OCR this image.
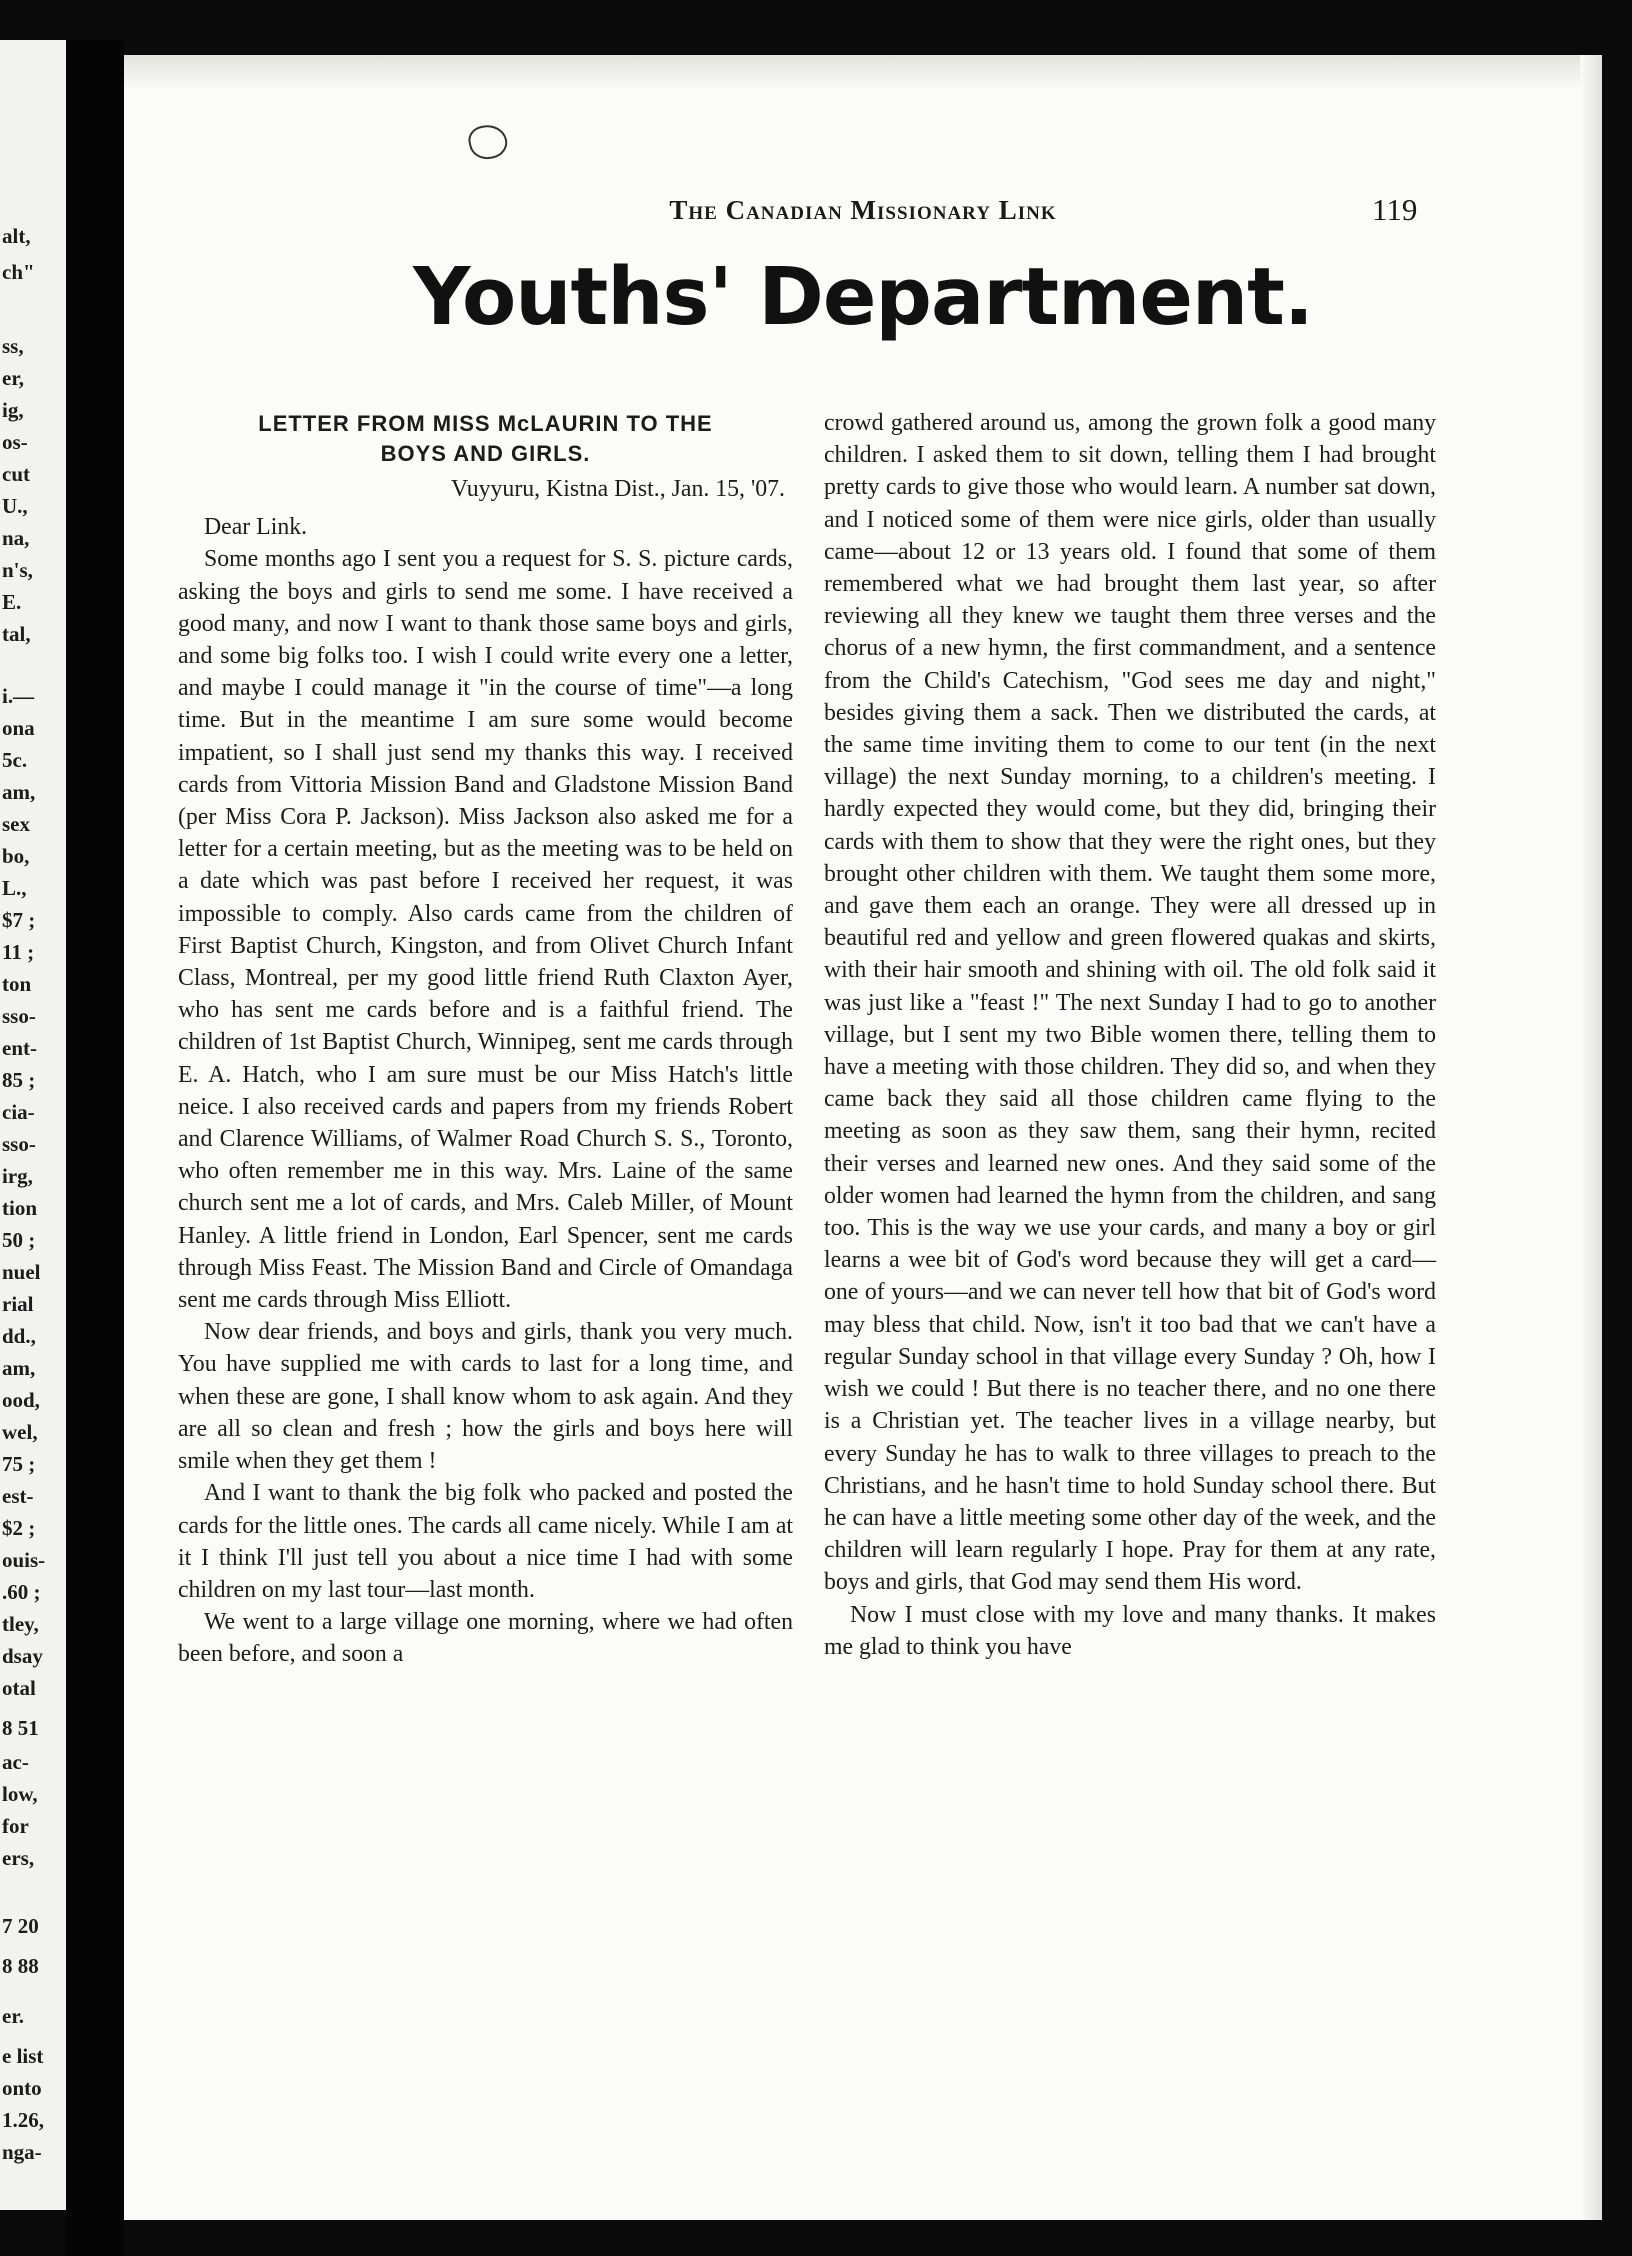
alt,
ch"
ss,
er,
ig,
os-
cut
U.,
na,
n's,
E.
tal,
i.—
ona
5c.
am,
sex
bo,
L.,
$7 ;
11 ;
ton
sso-
ent-
85 ;
cia-
sso-
irg,
tion
50 ;
nuel
rial
dd.,
am,
ood,
wel,
75 ;
est-
$2 ;
ouis-
.60 ;
tley,
dsay
otal
8 51
ac-
low,
for
ers,
7 20
8 88
er.
e list
onto
1.26,
nga-
The Canadian Missionary Link	119
Youths' Department.
LETTER FROM MISS McLAURIN TO THE
BOYS AND GIRLS.
Vuyyuru, Kistna Dist., Jan. 15, '07.

Dear Link.

Some months ago I sent you a request for S. S. picture cards, asking the boys and girls to send me some. I have received a good many, and now I want to thank those same boys and girls, and some big folks too. I wish I could write every one a letter, and maybe I could manage it "in the course of time"—a long time. But in the meantime I am sure some would become impatient, so I shall just send my thanks this way. I received cards from Vittoria Mission Band and Gladstone Mission Band (per Miss Cora P. Jackson). Miss Jackson also asked me for a letter for a certain meeting, but as the meeting was to be held on a date which was past before I received her request, it was impossible to comply. Also cards came from the children of First Baptist Church, Kingston, and from Olivet Church Infant Class, Montreal, per my good little friend Ruth Claxton Ayer, who has sent me cards before and is a faithful friend. The children of 1st Baptist Church, Winnipeg, sent me cards through E. A. Hatch, who I am sure must be our Miss Hatch's little neice. I also received cards and papers from my friends Robert and Clarence Williams, of Walmer Road Church S. S., Toronto, who often remember me in this way. Mrs. Laine of the same church sent me a lot of cards, and Mrs. Caleb Miller, of Mount Hanley. A little friend in London, Earl Spencer, sent me cards through Miss Feast. The Mission Band and Circle of Omandaga sent me cards through Miss Elliott.

Now dear friends, and boys and girls, thank you very much. You have supplied me with cards to last for a long time, and when these are gone, I shall know whom to ask again. And they are all so clean and fresh ; how the girls and boys here will smile when they get them !

And I want to thank the big folk who packed and posted the cards for the little ones. The cards all came nicely. While I am at it I think I'll just tell you about a nice time I had with some children on my last tour—last month.

We went to a large village one morning, where we had often been before, and soon a

crowd gathered around us, among the grown folk a good many children. I asked them to sit down, telling them I had brought pretty cards to give those who would learn. A number sat down, and I noticed some of them were nice girls, older than usually came—about 12 or 13 years old. I found that some of them remembered what we had brought them last year, so after reviewing all they knew we taught them three verses and the chorus of a new hymn, the first commandment, and a sentence from the Child's Catechism, "God sees me day and night," besides giving them a sack. Then we distributed the cards, at the same time inviting them to come to our tent (in the next village) the next Sunday morning, to a children's meeting. I hardly expected they would come, but they did, bringing their cards with them to show that they were the right ones, but they brought other children with them. We taught them some more, and gave them each an orange. They were all dressed up in beautiful red and yellow and green flowered quakas and skirts, with their hair smooth and shining with oil. The old folk said it was just like a "feast !" The next Sunday I had to go to another village, but I sent my two Bible women there, telling them to have a meeting with those children. They did so, and when they came back they said all those children came flying to the meeting as soon as they saw them, sang their hymn, recited their verses and learned new ones. And they said some of the older women had learned the hymn from the children, and sang too. This is the way we use your cards, and many a boy or girl learns a wee bit of God's word because they will get a card—one of yours—and we can never tell how that bit of God's word may bless that child. Now, isn't it too bad that we can't have a regular Sunday school in that village every Sunday ? Oh, how I wish we could ! But there is no teacher there, and no one there is a Christian yet. The teacher lives in a village nearby, but every Sunday he has to walk to three villages to preach to the Christians, and he hasn't time to hold Sunday school there. But he can have a little meeting some other day of the week, and the children will learn regularly I hope. Pray for them at any rate, boys and girls, that God may send them His word.

Now I must close with my love and many thanks. It makes me glad to think you have
